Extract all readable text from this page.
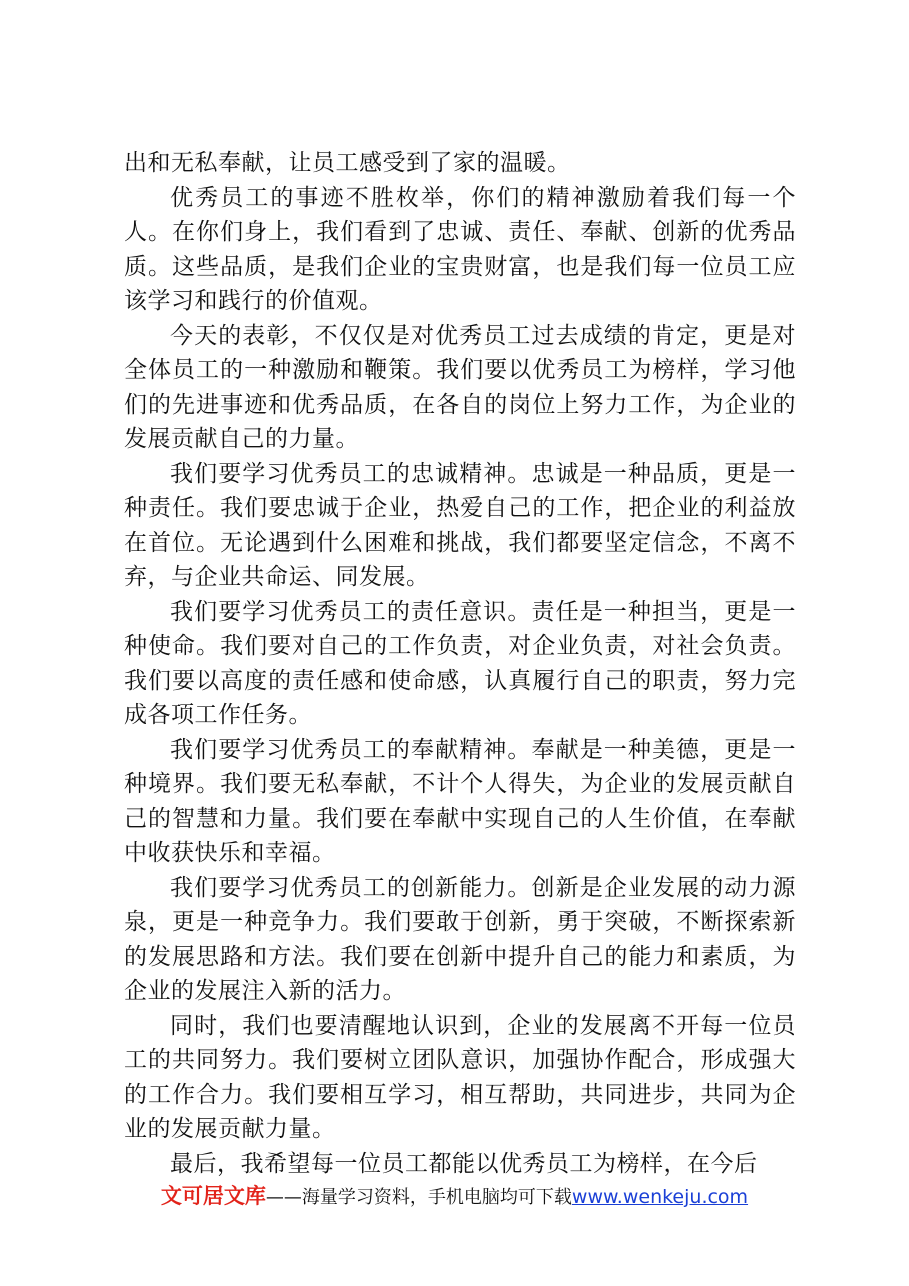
出和无私奉献，让员工感受到了家的温暖。

优秀员工的事迹不胜枚举，你们的精神激励着我们每一个人。在你们身上，我们看到了忠诚、责任、奉献、创新的优秀品质。这些品质，是我们企业的宝贵财富，也是我们每一位员工应该学习和践行的价值观。

今天的表彰，不仅仅是对优秀员工过去成绩的肯定，更是对全体员工的一种激励和鞭策。我们要以优秀员工为榜样，学习他们的先进事迹和优秀品质，在各自的岗位上努力工作，为企业的发展贡献自己的力量。

我们要学习优秀员工的忠诚精神。忠诚是一种品质，更是一种责任。我们要忠诚于企业，热爱自己的工作，把企业的利益放在首位。无论遇到什么困难和挑战，我们都要坚定信念，不离不弃，与企业共命运、同发展。

我们要学习优秀员工的责任意识。责任是一种担当，更是一种使命。我们要对自己的工作负责，对企业负责，对社会负责。我们要以高度的责任感和使命感，认真履行自己的职责，努力完成各项工作任务。

我们要学习优秀员工的奉献精神。奉献是一种美德，更是一种境界。我们要无私奉献，不计个人得失，为企业的发展贡献自己的智慧和力量。我们要在奉献中实现自己的人生价值，在奉献中收获快乐和幸福。

我们要学习优秀员工的创新能力。创新是企业发展的动力源泉，更是一种竞争力。我们要敢于创新，勇于突破，不断探索新的发展思路和方法。我们要在创新中提升自己的能力和素质，为企业的发展注入新的活力。

同时，我们也要清醒地认识到，企业的发展离不开每一位员工的共同努力。我们要树立团队意识，加强协作配合，形成强大的工作合力。我们要相互学习，相互帮助，共同进步，共同为企业的发展贡献力量。

最后，我希望每一位员工都能以优秀员工为榜样，在今后

文可居文库——海量学习资料，手机电脑均可下载www.wenkeju.com
